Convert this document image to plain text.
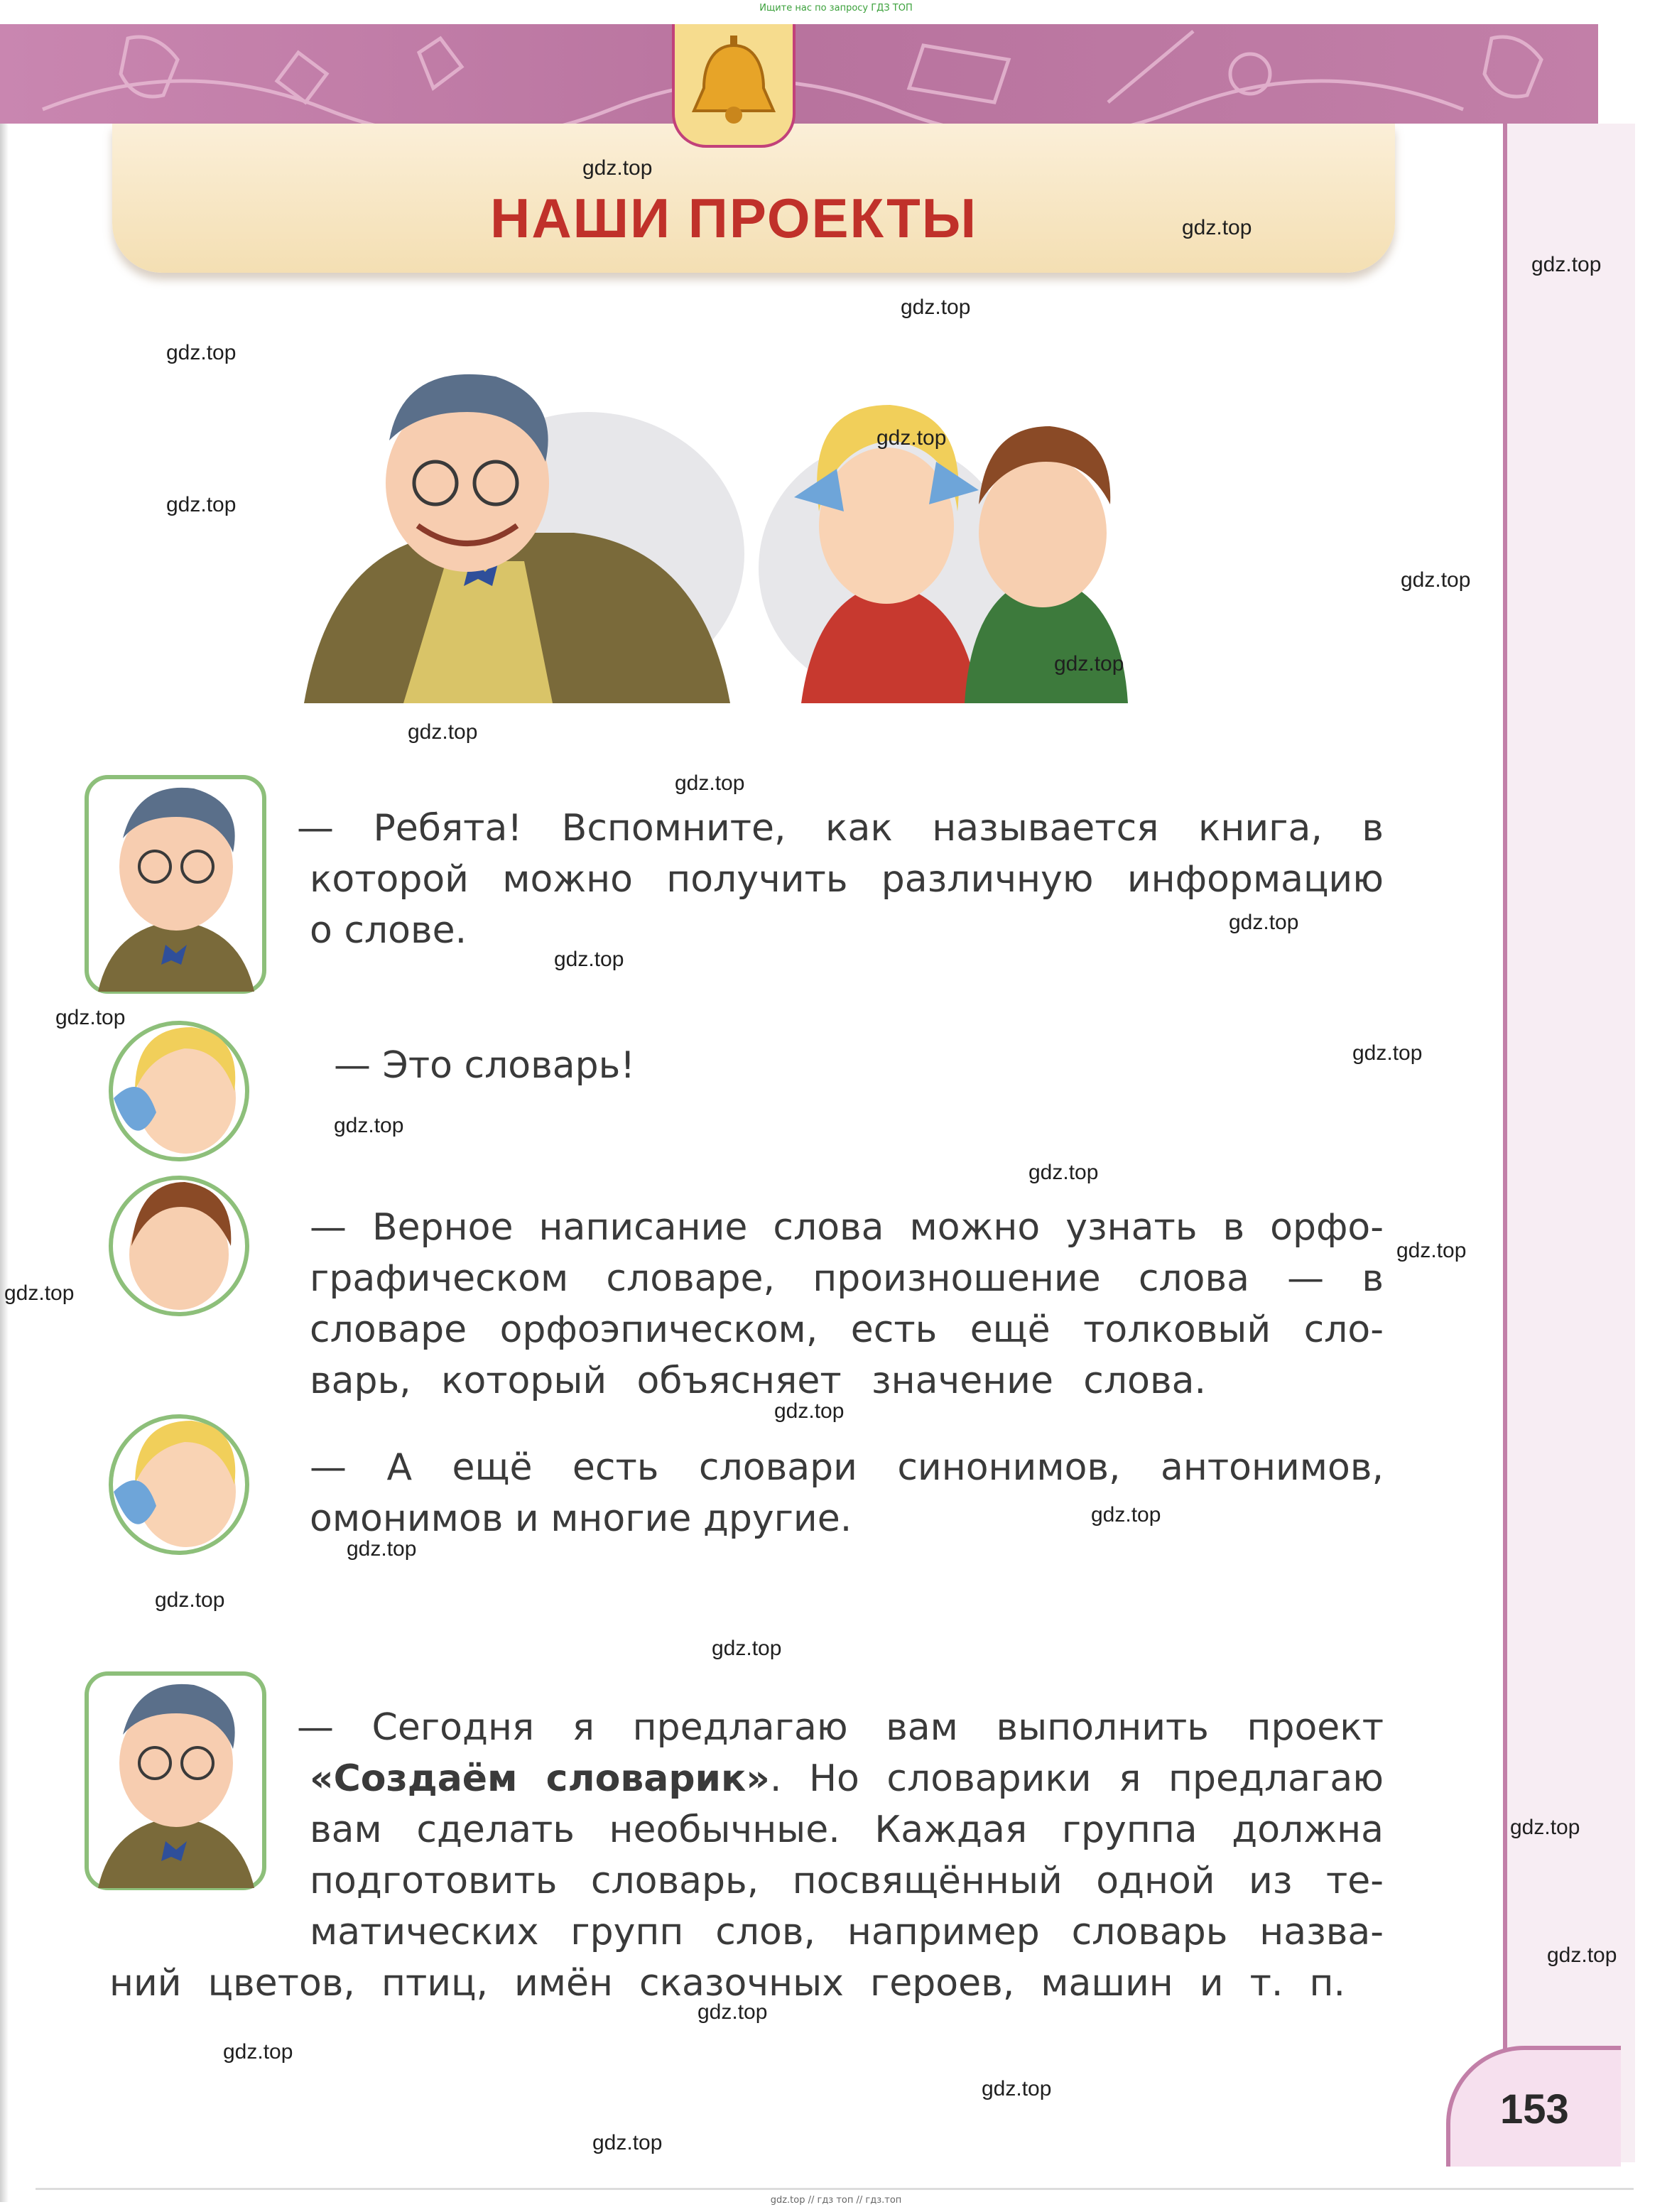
Ищите нас по запросу ГДЗ ТОП

НАШИ ПРОЕКТЫ
— Ребята! Вспомните, как называется книга, в
которой можно получить различную информацию
о слове.
— Это словарь!
— Верное написание слова можно узнать в орфо-
графическом словаре, произношение слова — в
словаре орфоэпическом, есть ещё толковый сло-
варь, который объясняет значение слова.
— А ещё есть словари синонимов, антонимов,
омонимов и многие другие.
— Сегодня я предлагаю вам выполнить проект
«Создаём словарик». Но словарики я предлагаю
вам сделать необычные. Каждая группа должна
подготовить словарь, посвящённый одной из те-
матических групп слов, например словарь назва-
ний цветов, птиц, имён сказочных героев, машин и т. п.
gdz.top
gdz.top
gdz.top
gdz.top
gdz.top
gdz.top
gdz.top
gdz.top
gdz.top
gdz.top
gdz.top
gdz.top
gdz.top
gdz.top
gdz.top
gdz.top
gdz.top
gdz.top
gdz.top
gdz.top
gdz.top
gdz.top
gdz.top
gdz.top
gdz.top
gdz.top
gdz.top
gdz.top
gdz.top
gdz.top
153
gdz.top // гдз топ // гдз.топ
